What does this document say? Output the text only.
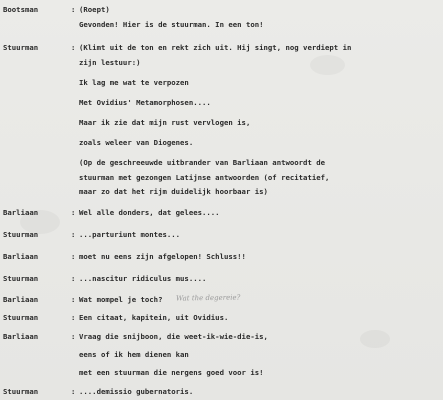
Bootsman	: (Roept)
Gevonden! Hier is de stuurman. In een ton!
Stuurman	: (Klimt uit de ton en rekt zich uit. Hij singt, nog verdiept in
zijn lestuur:)
Ik lag me wat te verpozen
Met Ovidius' Metamorphosen....
Maar ik zie dat mijn rust vervlogen is,
zoals weleer van Diogenes.
(Op de geschreeuwde uitbrander van Barliaan antwoordt de
stuurman met gezongen Latijnse antwoorden (of recitatief,
maar zo dat het rijm duidelijk hoorbaar is)
Barliaan	: Wel alle donders, dat gelees....
Stuurman	: ...parturiunt montes...
Barliaan	: moet nu eens zijn afgelopen! Schluss!!
Stuurman	: ...nascitur ridiculus mus....
Barliaan	: Wat mompel je toch? Wat the degereie?
Stuurman	: Een citaat, kapitein, uit Ovidius.
Barliaan	: Vraag die snijboon, die weet-ik-wie-die-is,
eens of ik hem dienen kan
met een stuurman die nergens goed voor is!
Stuurman	: ....demissio gubernatoris.
